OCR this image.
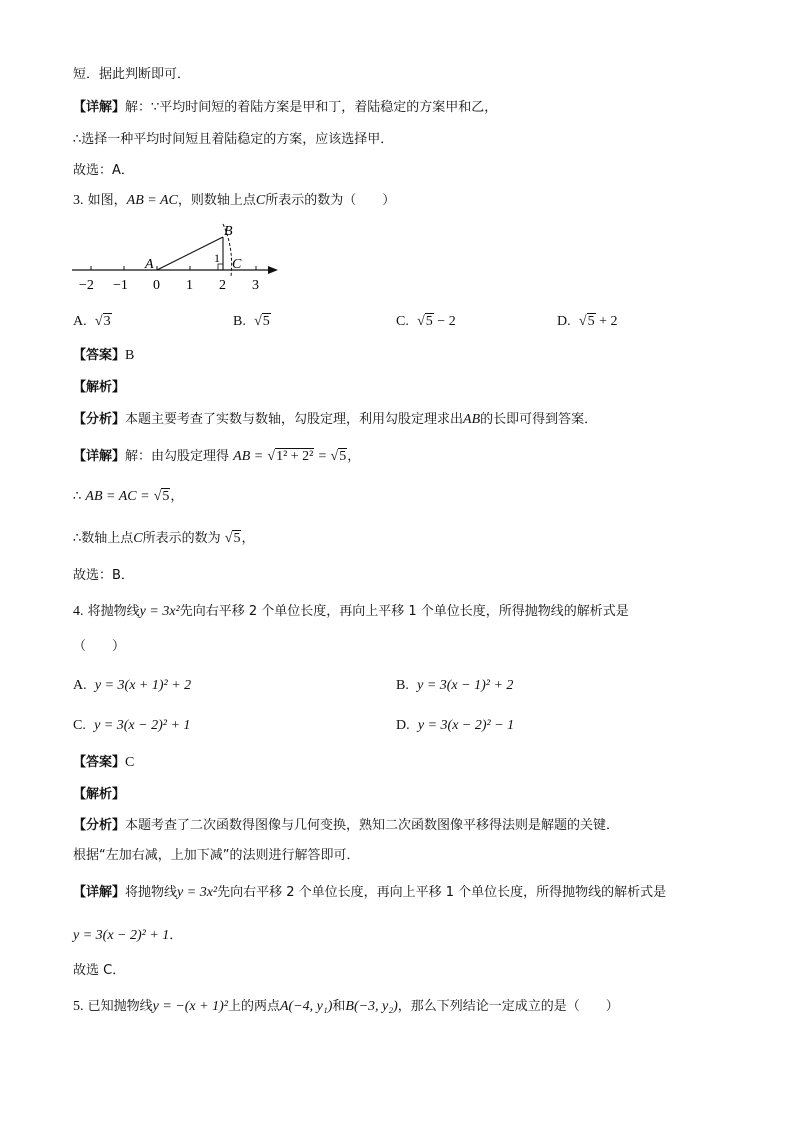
短．据此判断即可．
【详解】解：∵平均时间短的着陆方案是甲和丁，着陆稳定的方案甲和乙，
∴选择一种平均时间短且着陆稳定的方案，应该选择甲．
故选：A．
3. 如图，AB = AC，则数轴上点C所表示的数为（　　）
A
B
C
1
−2 −1 0 1 2 3
A. √3	B. √5	C. √5 − 2	D. √5 + 2
【答案】B
【解析】
【分析】本题主要考查了实数与数轴，勾股定理，利用勾股定理求出AB的长即可得到答案．
【详解】解：由勾股定理得 AB = √1² + 2² = √5，
∴ AB = AC = √5，
∴数轴上点C所表示的数为 √5，
故选：B．
4. 将抛物线y = 3x²先向右平移 2 个单位长度，再向上平移 1 个单位长度，所得抛物线的解析式是
（　　）
A. y = 3(x + 1)² + 2	B. y = 3(x − 1)² + 2
C. y = 3(x − 2)² + 1	D. y = 3(x − 2)² − 1
【答案】C
【解析】
【分析】本题考查了二次函数得图像与几何变换，熟知二次函数图像平移得法则是解题的关键．
根据“左加右减，上加下减”的法则进行解答即可．
【详解】将抛物线y = 3x²先向右平移 2 个单位长度，再向上平移 1 个单位长度，所得抛物线的解析式是
y = 3(x − 2)² + 1．
故选 C．
5. 已知抛物线y = −(x + 1)²上的两点A(−4, y₁)和B(−3, y₂)，那么下列结论一定成立的是（　　）
